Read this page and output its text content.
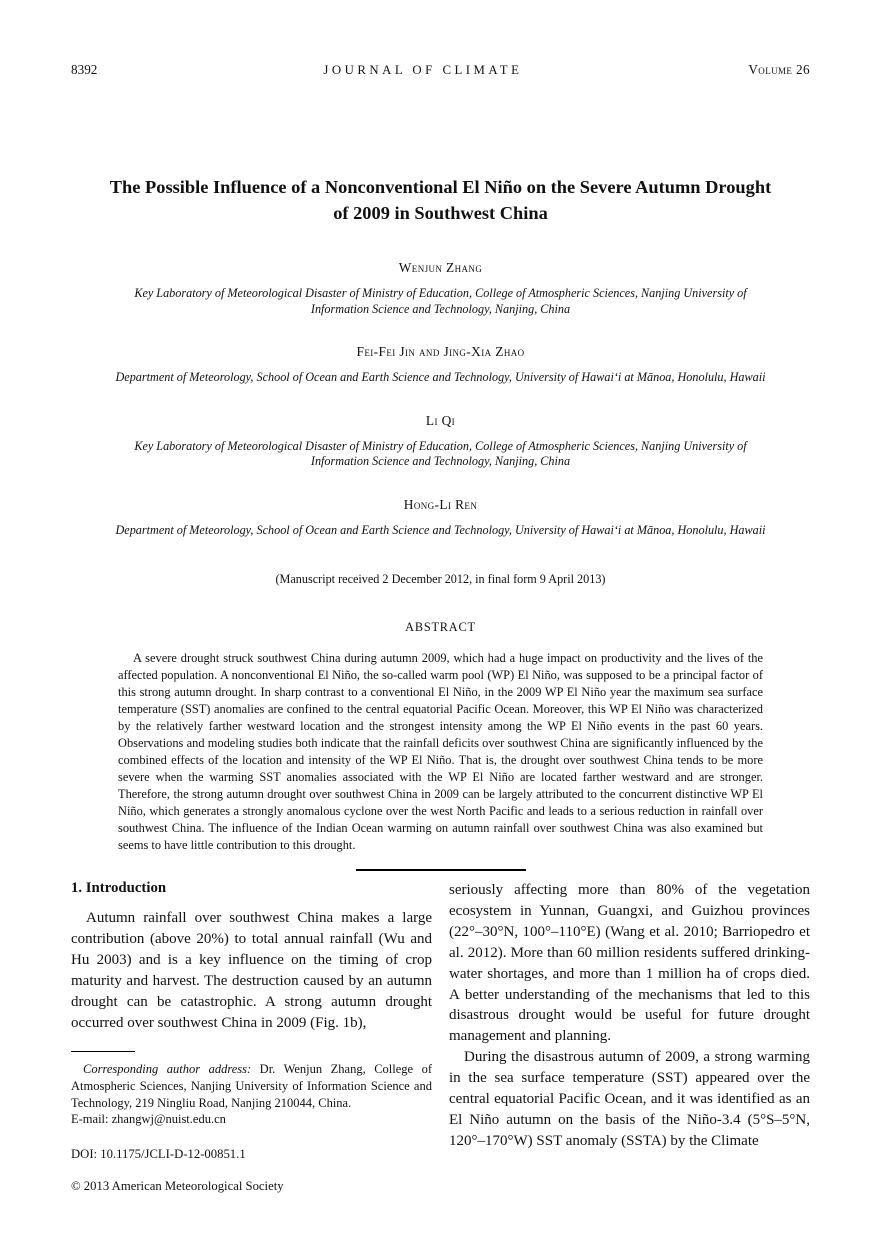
8392	JOURNAL OF CLIMATE	Volume 26
The Possible Influence of a Nonconventional El Niño on the Severe Autumn Drought
of 2009 in Southwest China
Wenjun Zhang
Key Laboratory of Meteorological Disaster of Ministry of Education, College of Atmospheric Sciences, Nanjing University of Information Science and Technology, Nanjing, China
Fei-Fei Jin and Jing-Xia Zhao
Department of Meteorology, School of Ocean and Earth Science and Technology, University of Hawai‘i at Mānoa, Honolulu, Hawaii
Li Qi
Key Laboratory of Meteorological Disaster of Ministry of Education, College of Atmospheric Sciences, Nanjing University of Information Science and Technology, Nanjing, China
Hong-Li Ren
Department of Meteorology, School of Ocean and Earth Science and Technology, University of Hawai‘i at Mānoa, Honolulu, Hawaii
(Manuscript received 2 December 2012, in final form 9 April 2013)
ABSTRACT

A severe drought struck southwest China during autumn 2009, which had a huge impact on productivity and the lives of the affected population. A nonconventional El Niño, the so-called warm pool (WP) El Niño, was supposed to be a principal factor of this strong autumn drought. In sharp contrast to a conventional El Niño, in the 2009 WP El Niño year the maximum sea surface temperature (SST) anomalies are confined to the central equatorial Pacific Ocean. Moreover, this WP El Niño was characterized by the relatively farther westward location and the strongest intensity among the WP El Niño events in the past 60 years. Observations and modeling studies both indicate that the rainfall deficits over southwest China are significantly influenced by the combined effects of the location and intensity of the WP El Niño. That is, the drought over southwest China tends to be more severe when the warming SST anomalies associated with the WP El Niño are located farther westward and are stronger. Therefore, the strong autumn drought over southwest China in 2009 can be largely attributed to the concurrent distinctive WP El Niño, which generates a strongly anomalous cyclone over the west North Pacific and leads to a serious reduction in rainfall over southwest China. The influence of the Indian Ocean warming on autumn rainfall over southwest China was also examined but seems to have little contribution to this drought.

1. Introduction

Autumn rainfall over southwest China makes a large contribution (above 20%) to total annual rainfall (Wu and Hu 2003) and is a key influence on the timing of crop maturity and harvest. The destruction caused by an autumn drought can be catastrophic. A strong autumn drought occurred over southwest China in 2009 (Fig. 1b),

Corresponding author address: Dr. Wenjun Zhang, College of Atmospheric Sciences, Nanjing University of Information Science and Technology, 219 Ningliu Road, Nanjing 210044, China.
E-mail: zhangwj@nuist.edu.cn

DOI: 10.1175/JCLI-D-12-00851.1
© 2013 American Meteorological Society

seriously affecting more than 80% of the vegetation ecosystem in Yunnan, Guangxi, and Guizhou provinces (22°–30°N, 100°–110°E) (Wang et al. 2010; Barriopedro et al. 2012). More than 60 million residents suffered drinking-water shortages, and more than 1 million ha of crops died. A better understanding of the mechanisms that led to this disastrous drought would be useful for future drought management and planning.

During the disastrous autumn of 2009, a strong warming in the sea surface temperature (SST) appeared over the central equatorial Pacific Ocean, and it was identified as an El Niño autumn on the basis of the Niño-3.4 (5°S–5°N, 120°–170°W) SST anomaly (SSTA) by the Climate
